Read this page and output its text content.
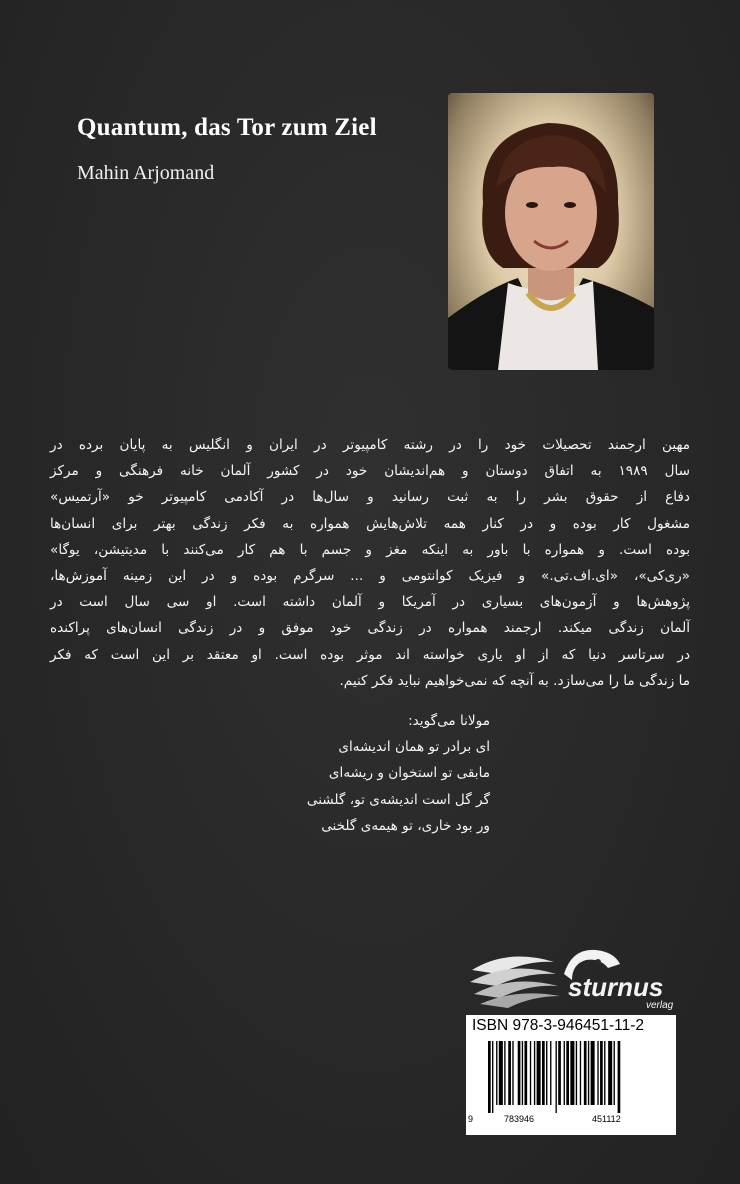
Quantum, das Tor zum Ziel
Mahin Arjomand
مهین ارجمند تحصیلات خود را در رشته کامپیوتر در ایران و انگلیس به پایان برده در
سال ۱۹۸۹ به اتفاق دوستان و هم‌اندیشان خود در کشور آلمان خانه فرهنگی و مرکز
دفاع از حقوق بشر را به ثبت رسانید و سال‌ها در آکادمی کامپیوتر خو «آرتمیس»
مشغول کار بوده و در کنار همه تلاش‌هایش همواره به فکر زندگی بهتر برای انسان‌ها
بوده است. و همواره با باور به اینکه مغز و جسم با هم کار می‌کنند با مدیتیشن، یوگا»
«ری‌کی»، «ای.اف.تی.» و فیزیک کوانتومی و ... سرگرم بوده و در این زمینه آموزش‌ها،
پژوهش‌ها و آزمون‌های بسیاری در آمریکا و آلمان داشته است. او سی سال است در
آلمان زندگی میکند. ارجمند همواره در زندگی خود موفق و در زندگی انسان‌های پراکنده
در سرتاسر دنیا که از او یاری خواسته اند موثر بوده است. او معتقد بر این است که فکر
ما زندگی ما را می‌سازد. به آنچه که نمی‌خواهیم نباید فکر کنیم.
مولانا می‌گوید:
ای برادر تو همان اندیشه‌ای
مابقی تو استخوان و ریشه‌ای
گر گل است اندیشه‌ی تو، گلشنی
ور بود خاری، تو هیمه‌ی گلخنی
sturnus
verlag
ISBN 978-3-946451-11-2
9	783946	451112
